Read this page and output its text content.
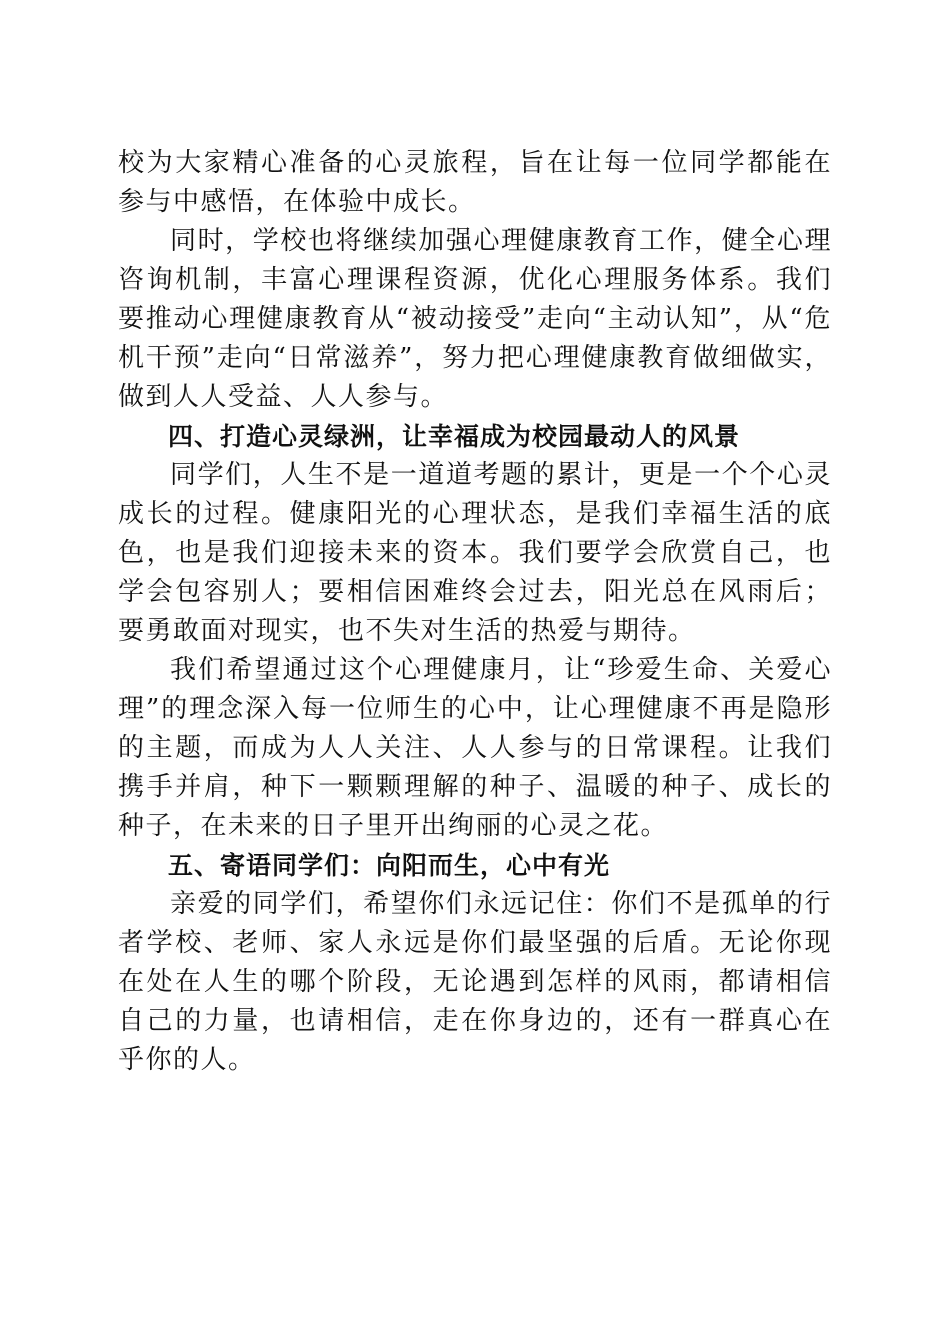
校为大家精心准备的心灵旅程，旨在让每一位同学都能在参与中感悟，在体验中成长。

同时，学校也将继续加强心理健康教育工作，健全心理咨询机制，丰富心理课程资源，优化心理服务体系。我们要推动心理健康教育从“被动接受”走向“主动认知”，从“危机干预”走向“日常滋养”，努力把心理健康教育做细做实，做到人人受益、人人参与。

四、打造心灵绿洲，让幸福成为校园最动人的风景

同学们，人生不是一道道考题的累计，更是一个个心灵成长的过程。健康阳光的心理状态，是我们幸福生活的底色，也是我们迎接未来的资本。我们要学会欣赏自己，也学会包容别人；要相信困难终会过去，阳光总在风雨后；要勇敢面对现实，也不失对生活的热爱与期待。

我们希望通过这个心理健康月，让“珍爱生命、关爱心理”的理念深入每一位师生的心中，让心理健康不再是隐形的主题，而成为人人关注、人人参与的日常课程。让我们携手并肩，种下一颗颗理解的种子、温暖的种子、成长的种子，在未来的日子里开出绚丽的心灵之花。

五、寄语同学们：向阳而生，心中有光

亲爱的同学们，希望你们永远记住：你们不是孤单的行者学校、老师、家人永远是你们最坚强的后盾。无论你现在处在人生的哪个阶段，无论遇到怎样的风雨，都请相信自己的力量，也请相信，走在你身边的，还有一群真心在乎你的人。
